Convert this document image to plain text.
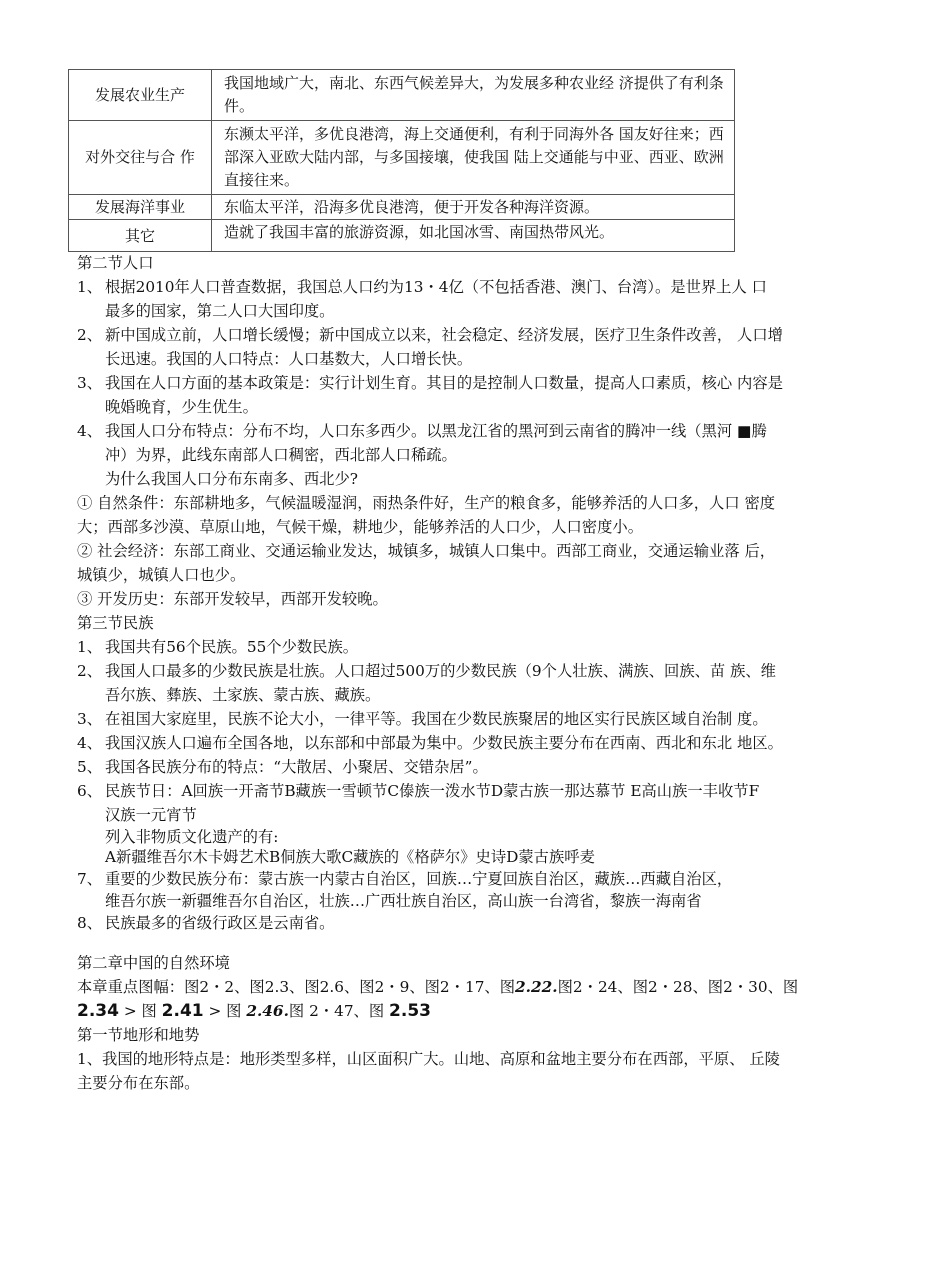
发展农业生产	我国地域广大，南北、东西气候差异大，为发展多种农业经 济提供了有利条件。
对外交往与合 作	东濒太平洋，多优良港湾，海上交通便利，有利于同海外各 国友好往来；西部深入亚欧大陆内部，与多国接壤，使我国 陆上交通能与中亚、西亚、欧洲直接往来。
发展海洋事业	东临太平洋，沿海多优良港湾，便于开发各种海洋资源。
其它	造就了我国丰富的旅游资源，如北国冰雪、南国热带风光。
第二节人口
1、 根据2010年人口普查数据，我国总人口约为13・4亿（不包括香港、澳门、台湾）。是世界上人 口
最多的国家，第二人口大国印度。
2、 新中国成立前，人口增长缓慢；新中国成立以来，社会稳定、经济发展，医疗卫生条件改善， 人口增
长迅速。我国的人口特点：人口基数大，人口增长快。
3、 我国在人口方面的基本政策是：实行计划生育。其目的是控制人口数量，提高人口素质，核心 内容是
晚婚晚育，少生优生。
4、 我国人口分布特点：分布不均，人口东多西少。以黑龙江省的黑河到云南省的腾冲一线（黑河 ■腾
冲）为界，此线东南部人口稠密，西北部人口稀疏。
为什么我国人口分布东南多、西北少?
① 自然条件：东部耕地多，气候温暖湿润，雨热条件好，生产的粮食多，能够养活的人口多，人口 密度
大；西部多沙漠、草原山地，气候干燥，耕地少，能够养活的人口少，人口密度小。
② 社会经济：东部工商业、交通运输业发达，城镇多，城镇人口集中。西部工商业，交通运输业落 后，
城镇少，城镇人口也少。
③ 开发历史：东部开发较早，西部开发较晚。
第三节民族
1、 我国共有56个民族。55个少数民族。
2、 我国人口最多的少数民族是壮族。人口超过500万的少数民族（9个人壮族、满族、回族、苗 族、维
吾尔族、彝族、土家族、蒙古族、藏族。
3、 在祖国大家庭里，民族不论大小，一律平等。我国在少数民族聚居的地区实行民族区域自治制 度。
4、 我国汉族人口遍布全国各地，以东部和中部最为集中。少数民族主要分布在西南、西北和东北 地区。
5、 我国各民族分布的特点：“大散居、小聚居、交错杂居”。
6、 民族节日：A回族一开斋节B藏族一雪顿节C傣族一泼水节D蒙古族一那达慕节 E高山族一丰收节F
汉族一元宵节
列入非物质文化遗产的有:
A新疆维吾尔木卡姆艺术B侗族大歌C藏族的《格萨尔》史诗D蒙古族呼麦
7、 重要的少数民族分布：蒙古族一内蒙古自治区，回族…宁夏回族自治区，藏族…西藏自治区，
维吾尔族一新疆维吾尔自治区，壮族…广西壮族自治区，高山族一台湾省，黎族一海南省
8、 民族最多的省级行政区是云南省。
第二章中国的自然环境
本章重点图幅：图2・2、图2.3、图2.6、图2・9、图2・17、图2.22.图2・24、图2・28、图2・30、图
2.34 > 图 2.41 > 图 2.46.图 2・47、图 2.53
第一节地形和地势
1、我国的地形特点是：地形类型多样，山区面积广大。山地、高原和盆地主要分布在西部，平原、 丘陵
主要分布在东部。
